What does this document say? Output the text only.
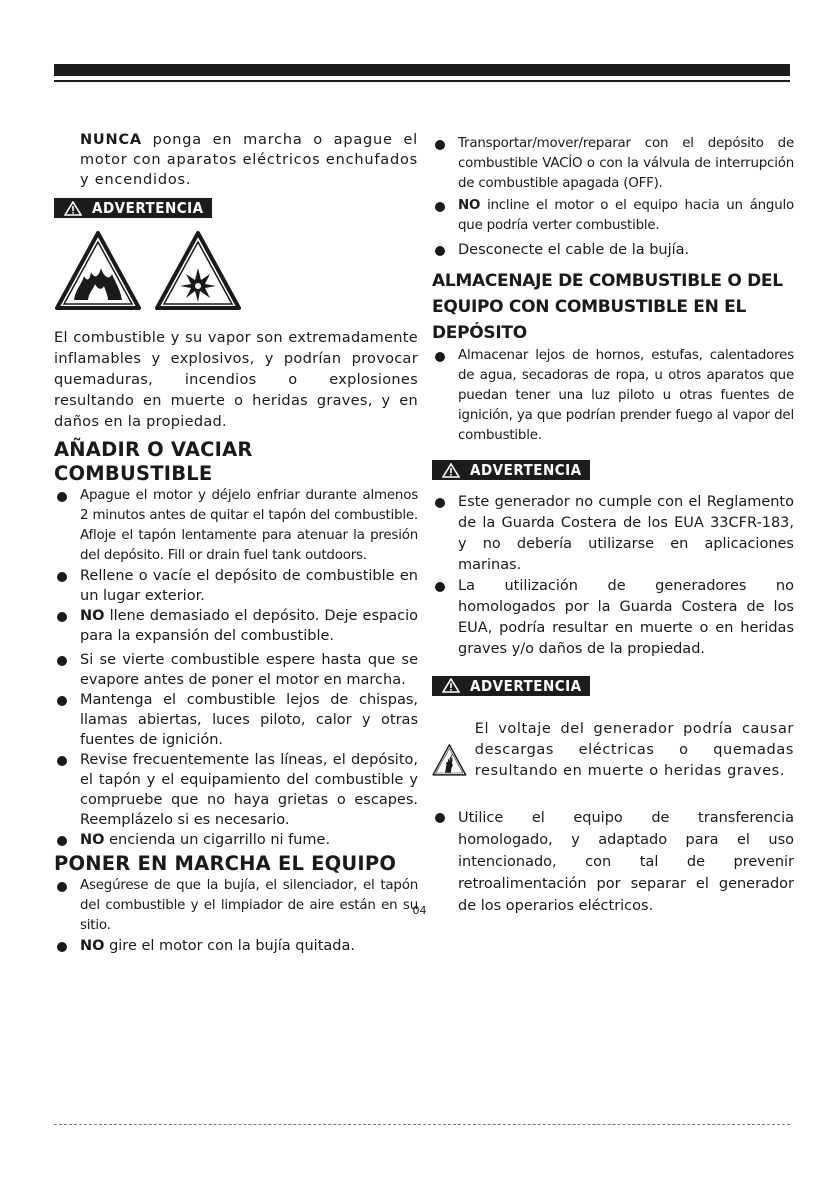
NUNCA ponga en marcha o apague el motor con aparatos eléctricos enchufados y encendidos.

ADVERTENCIA

El combustible y su vapor son extremadamente inflamables y explosivos, y podrían provocar quemaduras, incendios o explosiones resultando en muerte o heridas graves, y en daños en la propiedad.

AÑADIR O VACIAR COMBUSTIBLE
Apague el motor y déjelo enfriar durante almenos 2 minutos antes de quitar el tapón del combustible. Afloje el tapón lentamente para atenuar la presión del depósito. Fill or drain fuel tank outdoors.
Rellene o vacíe el depósito de combustible en un lugar exterior.
NO llene demasiado el depósito. Deje espacio para la expansión del combustible.
Si se vierte combustible espere hasta que se evapore antes de poner el motor en marcha.
Mantenga el combustible lejos de chispas, llamas abiertas, luces piloto, calor y otras fuentes de ignición.
Revise frecuentemente las líneas, el depósito, el tapón y el equipamiento del combustible y compruebe que no haya grietas o escapes. Reemplázelo si es necesario.
NO encienda un cigarrillo ni fume.
PONER EN MARCHA EL EQUIPO
Asegúrese de que la bujía, el silenciador, el tapón del combustible y el limpiador de aire están en su sitio.
NO gire el motor con la bujía quitada.
Transportar/mover/reparar con el depósito de combustible VACÍO o con la válvula de interrupción de combustible apagada (OFF).
NO incline el motor o el equipo hacia un ángulo que podría verter combustible.
Desconecte el cable de la bujía.
ALMACENAJE DE COMBUSTIBLE O DEL EQUIPO CON COMBUSTIBLE EN EL DEPÓSITO
Almacenar lejos de hornos, estufas, calentadores de agua, secadoras de ropa, u otros aparatos que puedan tener una luz piloto u otras fuentes de ignición, ya que podrían prender fuego al vapor del combustible.
ADVERTENCIA
Este generador no cumple con el Reglamento de la Guarda Costera de los EUA 33CFR-183, y no debería utilizarse en aplicaciones marinas.
La utilización de generadores no homologados por la Guarda Costera de los EUA, podría resultar en muerte o en heridas graves y/o daños de la propiedad.
ADVERTENCIA

El voltaje del generador podría causar descargas eléctricas o quemadas resultando en muerte o heridas graves.

Utilice el equipo de transferencia homologado, y adaptado para el uso intencionado, con tal de prevenir retroalimentación por separar el generador de los operarios eléctricos.
04
